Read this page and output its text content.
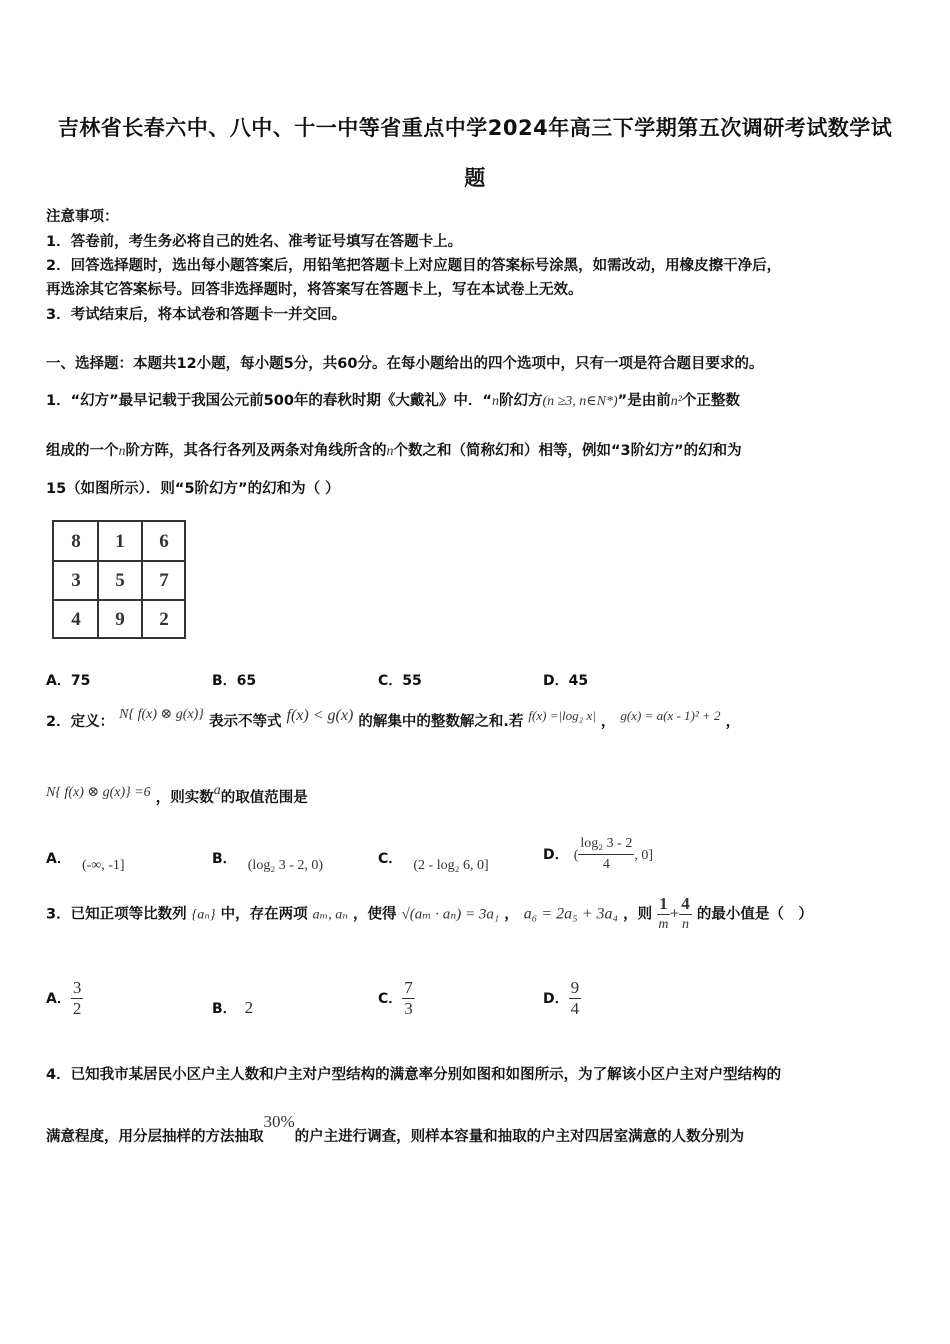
吉林省长春六中、八中、十一中等省重点中学2024年高三下学期第五次调研考试数学试
题
注意事项：
1．答卷前，考生务必将自己的姓名、准考证号填写在答题卡上。
2．回答选择题时，选出每小题答案后，用铅笔把答题卡上对应题目的答案标号涂黑，如需改动，用橡皮擦干净后，
再选涂其它答案标号。回答非选择题时，将答案写在答题卡上，写在本试卷上无效。
3．考试结束后，将本试卷和答题卡一并交回。
一、选择题：本题共12小题，每小题5分，共60分。在每小题给出的四个选项中，只有一项是符合题目要求的。
1．“幻方”最早记载于我国公元前500年的春秋时期《大戴礼》中．“n阶幻方(n ≥3, n∈N*)”是由前n²个正整数
组成的一个n阶方阵，其各行各列及两条对角线所含的n个数之和（简称幻和）相等，例如“3阶幻方”的幻和为
15（如图所示）．则“5阶幻方”的幻和为（ ）
8	1	6
3	5	7
4	9	2
A．75	B．65	C．55	D．45
2．定义： N{ f(x) ⊗ g(x)} 表示不等式 f(x) < g(x) 的解集中的整数解之和.若 f(x) =|log₂ x| ， g(x) = a(x - 1)² + 2 ，
N{ f(x) ⊗ g(x)} =6 ，则实数a的取值范围是
A． (-∞, -1]	B． (log₂ 3 - 2, 0)	C． (2 - log₂ 6, 0]
D． ( $\frac{\text{log₂ 3 - 2}}{4}$ , 0]
3．已知正项等比数列 {aₙ} 中，存在两项 aₘ, aₙ ，使得 √(aₘ · aₙ) = 3a₁ ， a₆ = 2a₅ + 3a₄ ，则 $\frac{1}{m} + \frac{4}{n}$ 的最小值是（　）
A． $\frac{3}{2}$	B． 2	C． $\frac{7}{3}$	D． $\frac{9}{4}$
4．已知我市某居民小区户主人数和户主对户型结构的满意率分别如图和如图所示，为了解该小区户主对户型结构的
满意程度，用分层抽样的方法抽取30%的户主进行调查，则样本容量和抽取的户主对四居室满意的人数分别为
